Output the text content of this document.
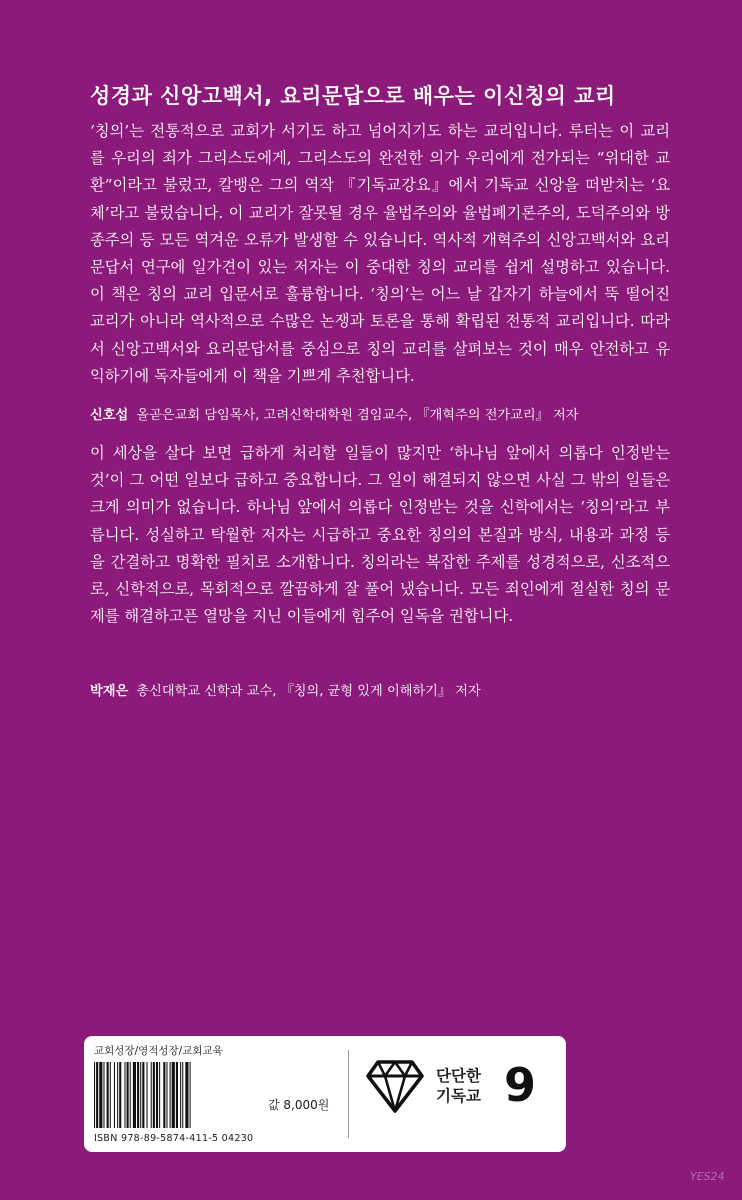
성경과 신앙고백서, 요리문답으로 배우는 이신칭의 교리

‘칭의’는 전통적으로 교회가 서기도 하고 넘어지기도 하는 교리입니다. 루터는 이 교리를 우리의 죄가 그리스도에게, 그리스도의 완전한 의가 우리에게 전가되는 “위대한 교환”이라고 불렀고, 칼뱅은 그의 역작 『기독교강요』에서 기독교 신앙을 떠받치는 ‘요체’라고 불렀습니다. 이 교리가 잘못될 경우 율법주의와 율법폐기론주의, 도덕주의와 방종주의 등 모든 역겨운 오류가 발생할 수 있습니다. 역사적 개혁주의 신앙고백서와 요리문답서 연구에 일가견이 있는 저자는 이 중대한 칭의 교리를 쉽게 설명하고 있습니다. 이 책은 칭의 교리 입문서로 훌륭합니다. ‘칭의’는 어느 날 갑자기 하늘에서 뚝 떨어진 교리가 아니라 역사적으로 수많은 논쟁과 토론을 통해 확립된 전통적 교리입니다. 따라서 신앙고백서와 요리문답서를 중심으로 칭의 교리를 살펴보는 것이 매우 안전하고 유익하기에 독자들에게 이 책을 기쁘게 추천합니다.

신호섭 올곧은교회 담임목사, 고려신학대학원 겸임교수, 『개혁주의 전가교리』 저자

이 세상을 살다 보면 급하게 처리할 일들이 많지만 ‘하나님 앞에서 의롭다 인정받는 것’이 그 어떤 일보다 급하고 중요합니다. 그 일이 해결되지 않으면 사실 그 밖의 일들은 크게 의미가 없습니다. 하나님 앞에서 의롭다 인정받는 것을 신학에서는 ‘칭의’라고 부릅니다. 성실하고 탁월한 저자는 시급하고 중요한 칭의의 본질과 방식, 내용과 과정 등을 간결하고 명확한 필치로 소개합니다. 칭의라는 복잡한 주제를 성경적으로, 신조적으로, 신학적으로, 목회적으로 깔끔하게 잘 풀어 냈습니다. 모든 죄인에게 절실한 칭의 문제를 해결하고픈 열망을 지닌 이들에게 힘주어 일독을 권합니다.

박재은 총신대학교 신학과 교수, 『칭의, 균형 있게 이해하기』 저자
교회성장/영적성장/교회교육
ISBN 978-89-5874-411-5 04230
값 8,000원
단단한 기독교 9
YES24
